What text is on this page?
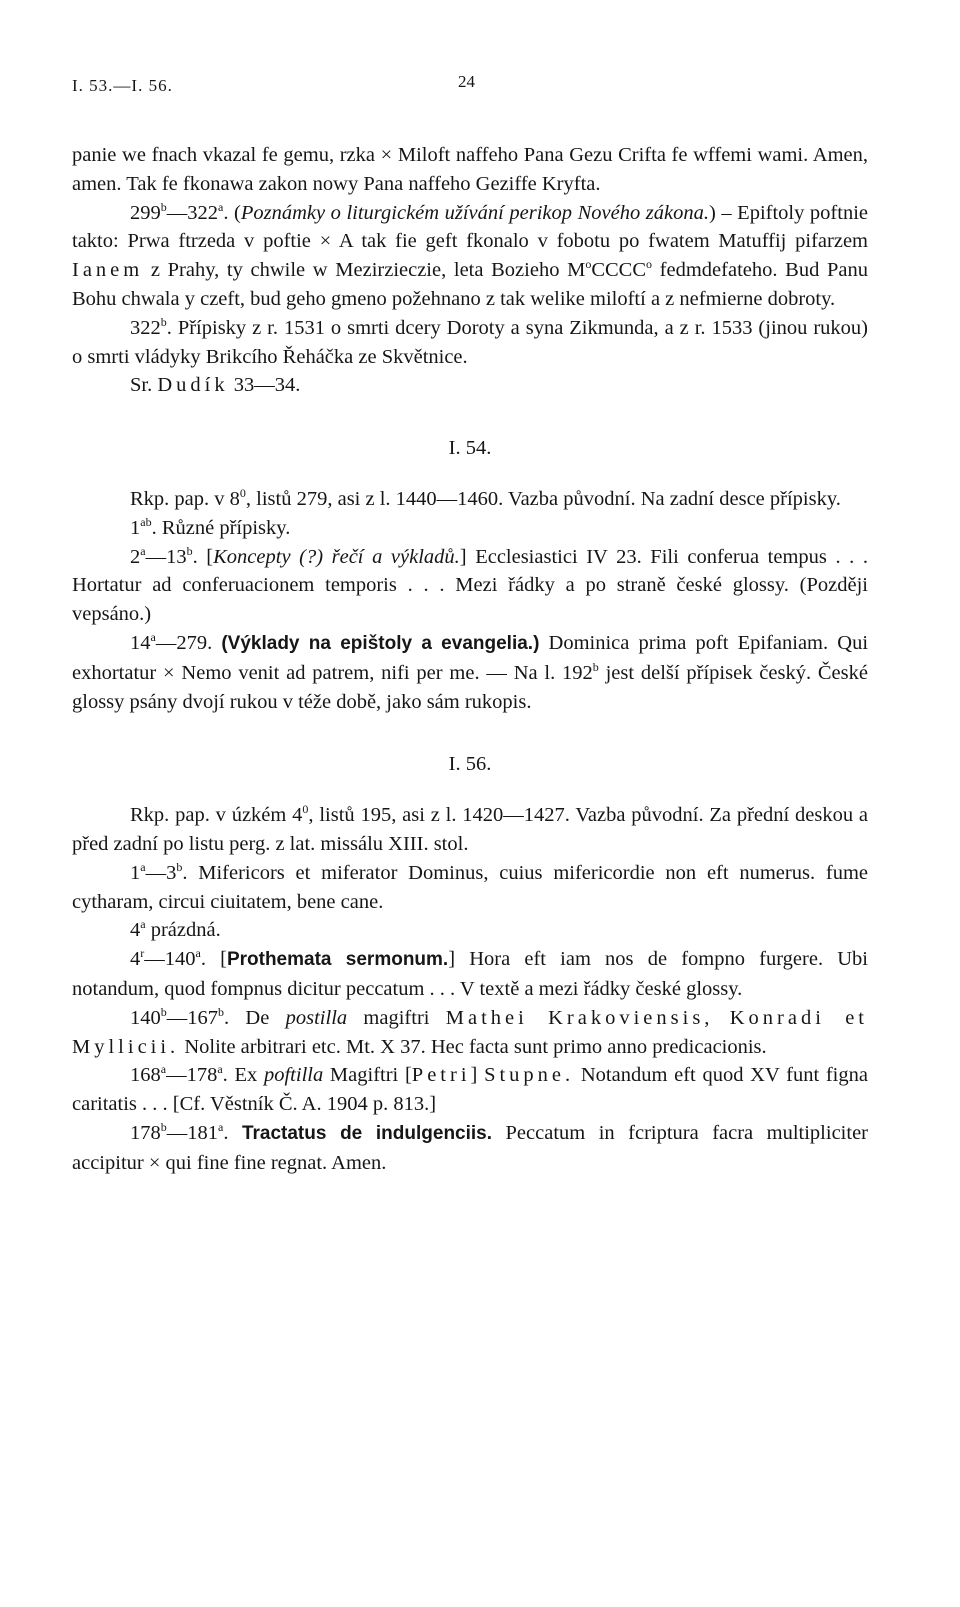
I. 53.—I. 56.	24

panie we fnach vkazal fe gemu, rzka × Miloft naffeho Pana Gezu Crifta fe wffemi wami. Amen, amen. Tak fe fkonawa zakon nowy Pana naffeho Geziffe Kryfta.

299$^b$—322$^a$. (Poznámky o liturgickém užívání perikop Nového zákona.) – Epiftoly poftnie takto: Prwa ftrzeda v poftie × A tak fie geft fkonalo v fobotu po fwatem Matuffij pifarzem Ianem z Prahy, ty chwile w Mezirzieczie, leta Bozieho $M^oCCCC^o$ fedmdefateho. Bud Panu Bohu chwala y czeft, bud geho gmeno požehnano z tak welike miloftí a z nefmierne dobroty.

322$^b$. Přípisky z r. 1531 o smrti dcery Doroty a syna Zikmunda, a z r. 1533 (jinou rukou) o smrti vládyky Brikcího Řeháčka ze Skvětnice.

Sr. Dudík 33—34.

I. 54.

Rkp. pap. v $8^0$, listů 279, asi z l. 1440—1460. Vazba původní. Na zadní desce přípisky.

$1^{ab}$. Různé přípisky.

2$^a$—13$^b$. [Koncepty (?) řečí a výkladů.] Ecclesiastici IV 23. Fili conferua tempus . . . Hortatur ad conferuacionem temporis . . . Mezi řádky a po straně české glossy. (Později vepsáno.)

14$^a$—279. (Výklady na epištoly a evangelia.) Dominica prima poft Epifaniam. Qui exhortatur × Nemo venit ad patrem, nifi per me. — Na l. 192$^b$ jest delší přípisek český. České glossy psány dvojí rukou v téže době, jako sám rukopis.

I. 56.

Rkp. pap. v úzkém $4^0$, listů 195, asi z l. 1420—1427. Vazba původní. Za přední deskou a před zadní po listu perg. z lat. missálu XIII. stol.

1$^a$—3$^b$. Mifericors et miferator Dominus, cuius mifericordie non eft numerus. fume cytharam, circui ciuitatem, bene cane.

4$^a$ prázdná.

4$^r$—140$^a$. [Prothemata sermonum.] Hora eft iam nos de fompno furgere. Ubi notandum, quod fompnus dicitur peccatum . . . V textě a mezi řádky české glossy.

140$^b$—167$^b$. De postilla magiftri Mathei Krakoviensis, Konradi et Myllicii. Nolite arbitrari etc. Mt. X 37. Hec facta sunt primo anno predicacionis.

168$^a$—178$^a$. Ex poftilla Magiftri [Petri] Stupne. Notandum eft quod XV funt figna caritatis . . . [Cf. Věstník Č. A. 1904 p. 813.]

178$^b$—181$^a$. Tractatus de indulgenciis. Peccatum in fcriptura facra multipliciter accipitur × qui fine fine regnat. Amen.
